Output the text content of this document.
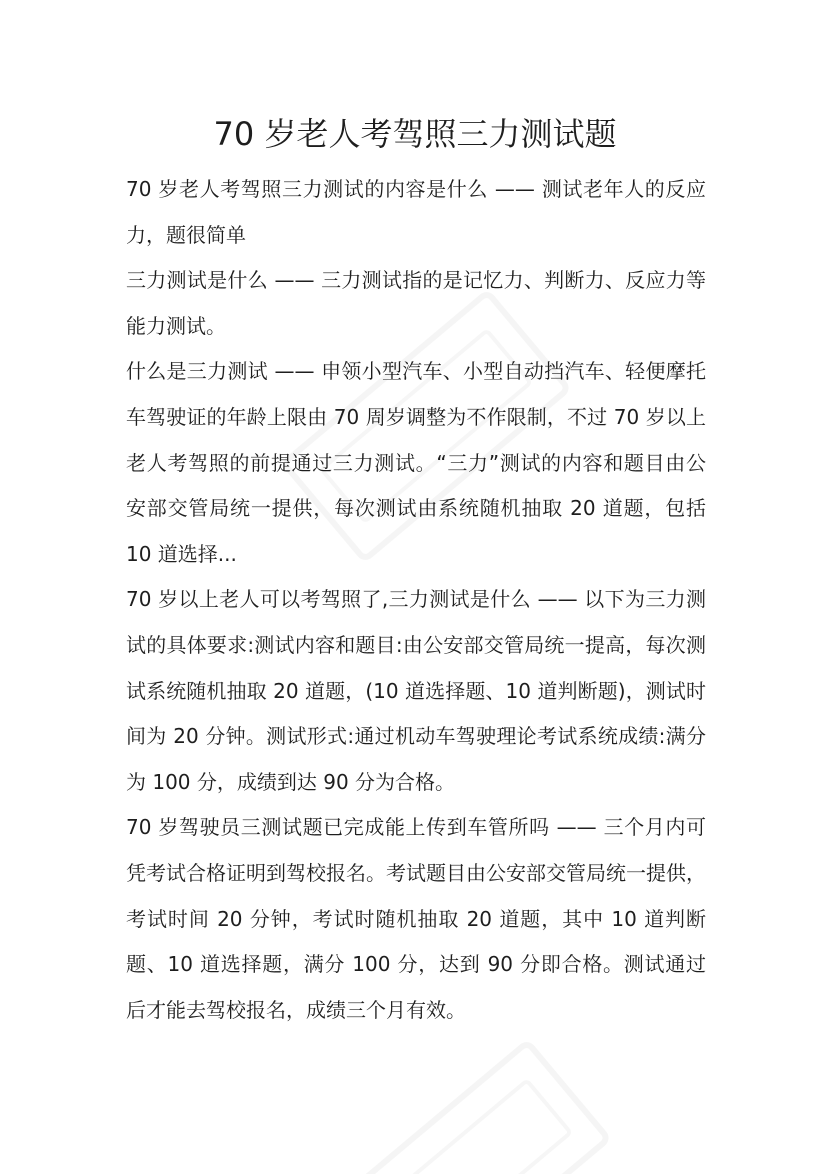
70 岁老人考驾照三力测试题

70 岁老人考驾照三力测试的内容是什么 —— 测试老年人的反应力，题很简单

三力测试是什么 —— 三力测试指的是记忆力、判断力、反应力等能力测试。

什么是三力测试 —— 申领小型汽车、小型自动挡汽车、轻便摩托车驾驶证的年龄上限由 70 周岁调整为不作限制，不过 70 岁以上老人考驾照的前提通过三力测试。“三力”测试的内容和题目由公安部交管局统一提供，每次测试由系统随机抽取 20 道题，包括 10 道选择...

70 岁以上老人可以考驾照了,三力测试是什么 —— 以下为三力测试的具体要求:测试内容和题目:由公安部交管局统一提高，每次测试系统随机抽取 20 道题，(10 道选择题、10 道判断题)，测试时间为 20 分钟。测试形式:通过机动车驾驶理论考试系统成绩:满分为 100 分，成绩到达 90 分为合格。

70 岁驾驶员三测试题已完成能上传到车管所吗 —— 三个月内可凭考试合格证明到驾校报名。考试题目由公安部交管局统一提供，考试时间 20 分钟，考试时随机抽取 20 道题，其中 10 道判断题、10 道选择题，满分 100 分，达到 90 分即合格。测试通过后才能去驾校报名，成绩三个月有效。
